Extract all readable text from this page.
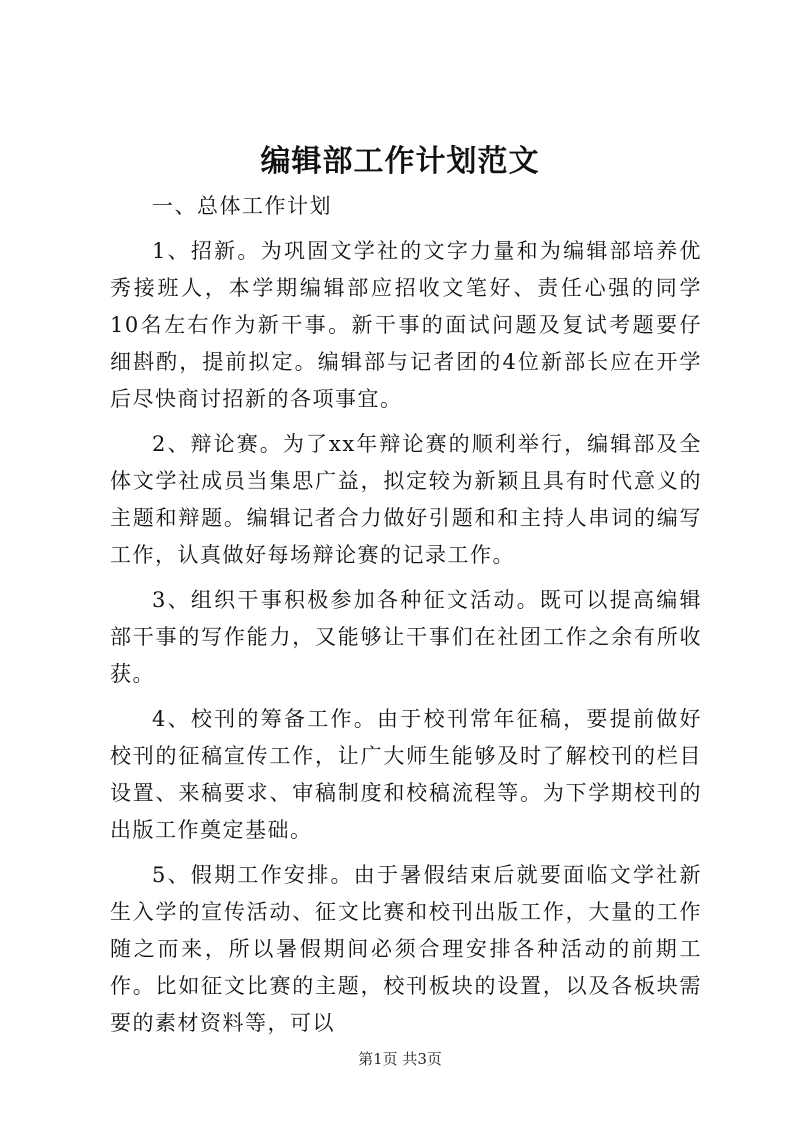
编辑部工作计划范文

一、总体工作计划

1、招新。为巩固文学社的文字力量和为编辑部培养优秀接班人，本学期编辑部应招收文笔好、责任心强的同学10名左右作为新干事。新干事的面试问题及复试考题要仔细斟酌，提前拟定。编辑部与记者团的4位新部长应在开学后尽快商讨招新的各项事宜。

2、辩论赛。为了xx年辩论赛的顺利举行，编辑部及全体文学社成员当集思广益，拟定较为新颖且具有时代意义的主题和辩题。编辑记者合力做好引题和和主持人串词的编写工作，认真做好每场辩论赛的记录工作。

3、组织干事积极参加各种征文活动。既可以提高编辑部干事的写作能力，又能够让干事们在社团工作之余有所收获。

4、校刊的筹备工作。由于校刊常年征稿，要提前做好校刊的征稿宣传工作，让广大师生能够及时了解校刊的栏目设置、来稿要求、审稿制度和校稿流程等。为下学期校刊的出版工作奠定基础。

5、假期工作安排。由于暑假结束后就要面临文学社新生入学的宣传活动、征文比赛和校刊出版工作，大量的工作随之而来，所以暑假期间必须合理安排各种活动的前期工作。比如征文比赛的主题，校刊板块的设置，以及各板块需要的素材资料等，可以

第1页 共3页
